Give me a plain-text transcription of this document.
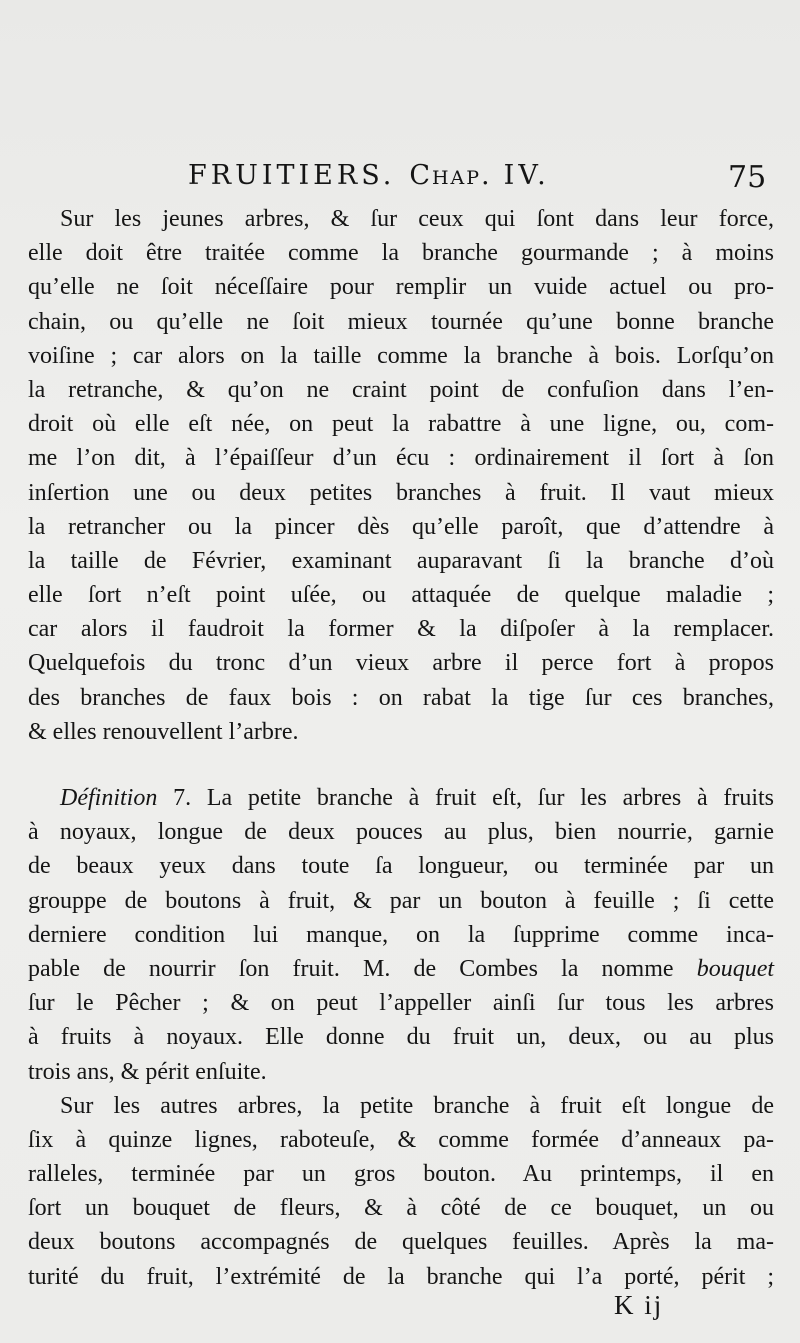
FRUITIERS. Chap. IV.	75
Sur les jeunes arbres, & ſur ceux qui ſont dans leur force,
elle doit être traitée comme la branche gourmande ; à moins
qu’elle ne ſoit néceſſaire pour remplir un vuide actuel ou pro-
chain, ou qu’elle ne ſoit mieux tournée qu’une bonne branche
voiſine ; car alors on la taille comme la branche à bois. Lorſqu’on
la retranche, & qu’on ne craint point de confuſion dans l’en-
droit où elle eſt née, on peut la rabattre à une ligne, ou, com-
me l’on dit, à l’épaiſſeur d’un écu : ordinairement il ſort à ſon
inſertion une ou deux petites branches à fruit. Il vaut mieux
la retrancher ou la pincer dès qu’elle paroît, que d’attendre à
la taille de Février, examinant auparavant ſi la branche d’où
elle ſort n’eſt point uſée, ou attaquée de quelque maladie ;
car alors il faudroit la former & la diſpoſer à la remplacer.
Quelquefois du tronc d’un vieux arbre il perce fort à propos
des branches de faux bois : on rabat la tige ſur ces branches,
& elles renouvellent l’arbre.
Définition 7. La petite branche à fruit eſt, ſur les arbres à fruits
à noyaux, longue de deux pouces au plus, bien nourrie, garnie
de beaux yeux dans toute ſa longueur, ou terminée par un
grouppe de boutons à fruit, & par un bouton à feuille ; ſi cette
derniere condition lui manque, on la ſupprime comme inca-
pable de nourrir ſon fruit. M. de Combes la nomme bouquet
ſur le Pêcher ; & on peut l’appeller ainſi ſur tous les arbres
à fruits à noyaux. Elle donne du fruit un, deux, ou au plus
trois ans, & périt enſuite.
Sur les autres arbres, la petite branche à fruit eſt longue de
ſix à quinze lignes, raboteuſe, & comme formée d’anneaux pa-
ralleles, terminée par un gros bouton. Au printemps, il en
ſort un bouquet de fleurs, & à côté de ce bouquet, un ou
deux boutons accompagnés de quelques feuilles. Après la ma-
turité du fruit, l’extrémité de la branche qui l’a porté, périt ;
K ij
